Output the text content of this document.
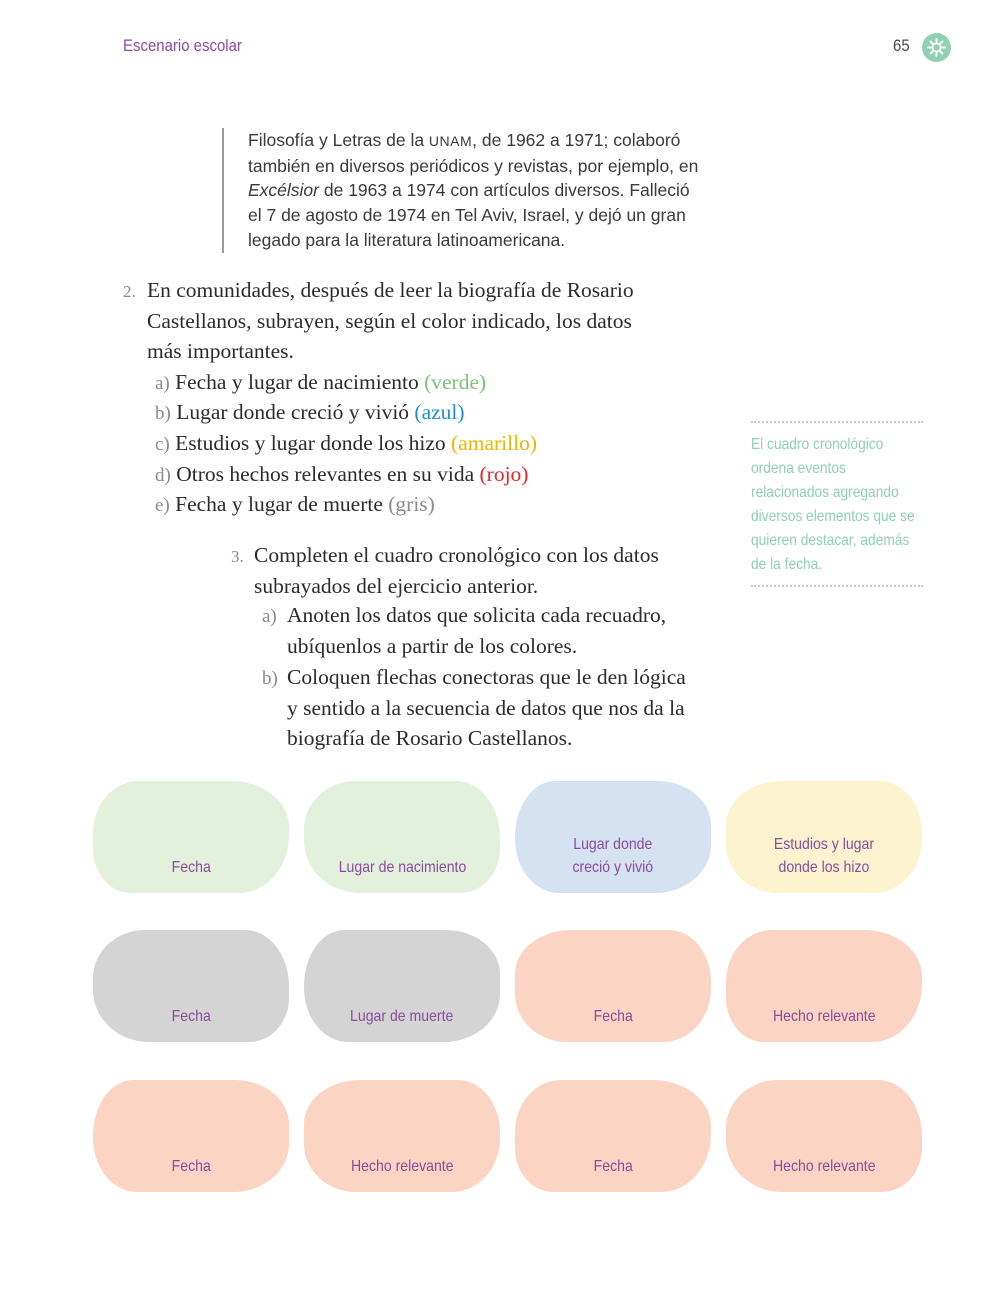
Escenario escolar	65
Filosofía y Letras de la UNAM, de 1962 a 1971; colaboró
también en diversos periódicos y revistas, por ejemplo, en
Excélsior de 1963 a 1974 con artículos diversos. Falleció
el 7 de agosto de 1974 en Tel Aviv, Israel, y dejó un gran
legado para la literatura latinoamericana.
2. En comunidades, después de leer la biografía de Rosario
Castellanos, subrayen, según el color indicado, los datos
más importantes.
a) Fecha y lugar de nacimiento (verde)
b) Lugar donde creció y vivió (azul)
c) Estudios y lugar donde los hizo (amarillo)
d) Otros hechos relevantes en su vida (rojo)
e) Fecha y lugar de muerte (gris)
3. Completen el cuadro cronológico con los datos
subrayados del ejercicio anterior.
a) Anoten los datos que solicita cada recuadro,
ubíquenlos a partir de los colores.
b) Coloquen flechas conectoras que le den lógica
y sentido a la secuencia de datos que nos da la
biografía de Rosario Castellanos.
El cuadro cronológico ordena eventos relacionados agregando diversos elementos que se quieren destacar, además de la fecha.
Fecha	Lugar de nacimiento
Lugar donde
creció y vivió
Estudios y lugar
donde los hizo
Fecha	Lugar de muerte	Fecha	Hecho relevante
Fecha	Hecho relevante	Fecha	Hecho relevante
